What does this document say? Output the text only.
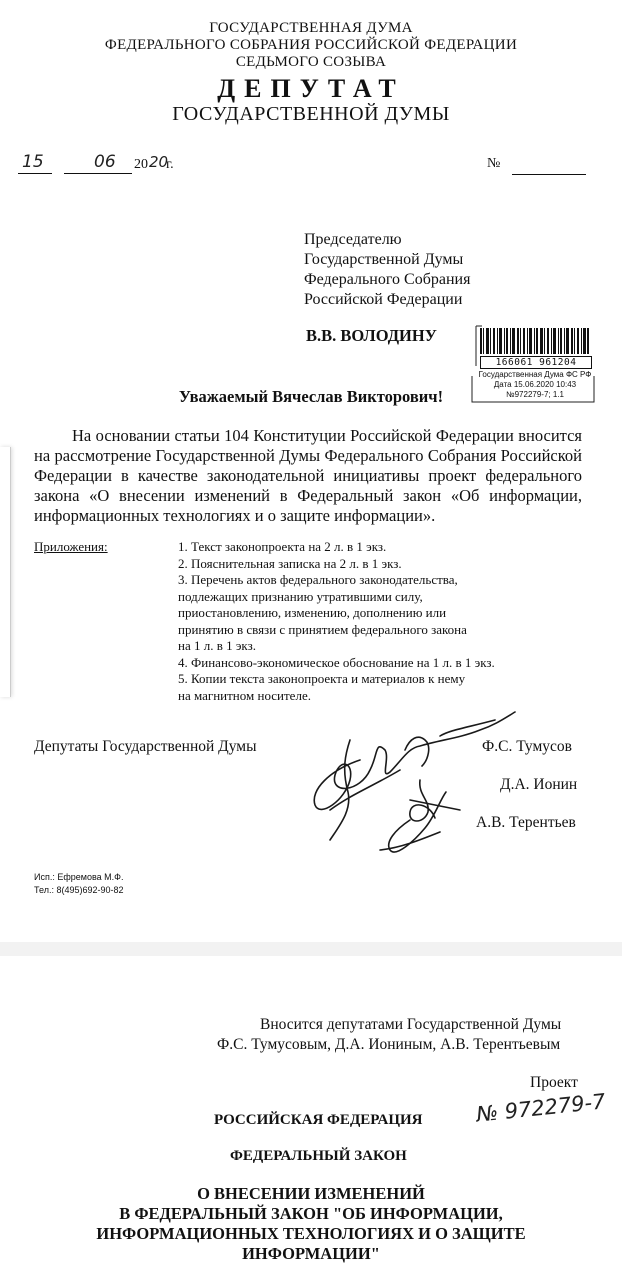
ГОСУДАРСТВЕННАЯ ДУМА
ФЕДЕРАЛЬНОГО СОБРАНИЯ РОССИЙСКОЙ ФЕДЕРАЦИИ
СЕДЬМОГО СОЗЫВА
ДЕПУТАТ
ГОСУДАРСТВЕННОЙ ДУМЫ
15	06 20 20
г.	№
Председателю
Государственной Думы
Федерального Собрания
Российской Федерации
В.В. ВОЛОДИНУ
166061 961204
Государственная Дума ФС РФ
Дата 15.06.2020 10:43
№972279-7; 1.1
Уважаемый Вячеслав Викторович!
На основании статьи 104 Конституции Российской Федерации вносится на рассмотрение Государственной Думы Федерального Собрания Российской Федерации в качестве законодательной инициативы проект федерального закона «О внесении изменений в Федеральный закон «Об информации, информационных технологиях и о защите информации».
Приложения:	1. Текст законопроекта на 2 л. в 1 экз.
2. Пояснительная записка на 2 л. в 1 экз.
3. Перечень актов федерального законодательства,
подлежащих признанию утратившими силу,
приостановлению, изменению, дополнению или
принятию в связи с принятием федерального закона
на 1 л. в 1 экз.
4. Финансово-экономическое обоснование на 1 л. в 1 экз.
5. Копии текста законопроекта и материалов к нему
на магнитном носителе.
Депутаты Государственной Думы	Ф.С. Тумусов
Д.А. Ионин
А.В. Терентьев
Исп.: Ефремова М.Ф.
Тел.: 8(495)692-90-82
Вносится депутатами Государственной Думы
Ф.С. Тумусовым, Д.А. Иониным, А.В. Терентьевым
Проект
№ 972279-7
РОССИЙСКАЯ ФЕДЕРАЦИЯ
ФЕДЕРАЛЬНЫЙ ЗАКОН
О ВНЕСЕНИИ ИЗМЕНЕНИЙ
В ФЕДЕРАЛЬНЫЙ ЗАКОН "ОБ ИНФОРМАЦИИ,
ИНФОРМАЦИОННЫХ ТЕХНОЛОГИЯХ И О ЗАЩИТЕ
ИНФОРМАЦИИ"
